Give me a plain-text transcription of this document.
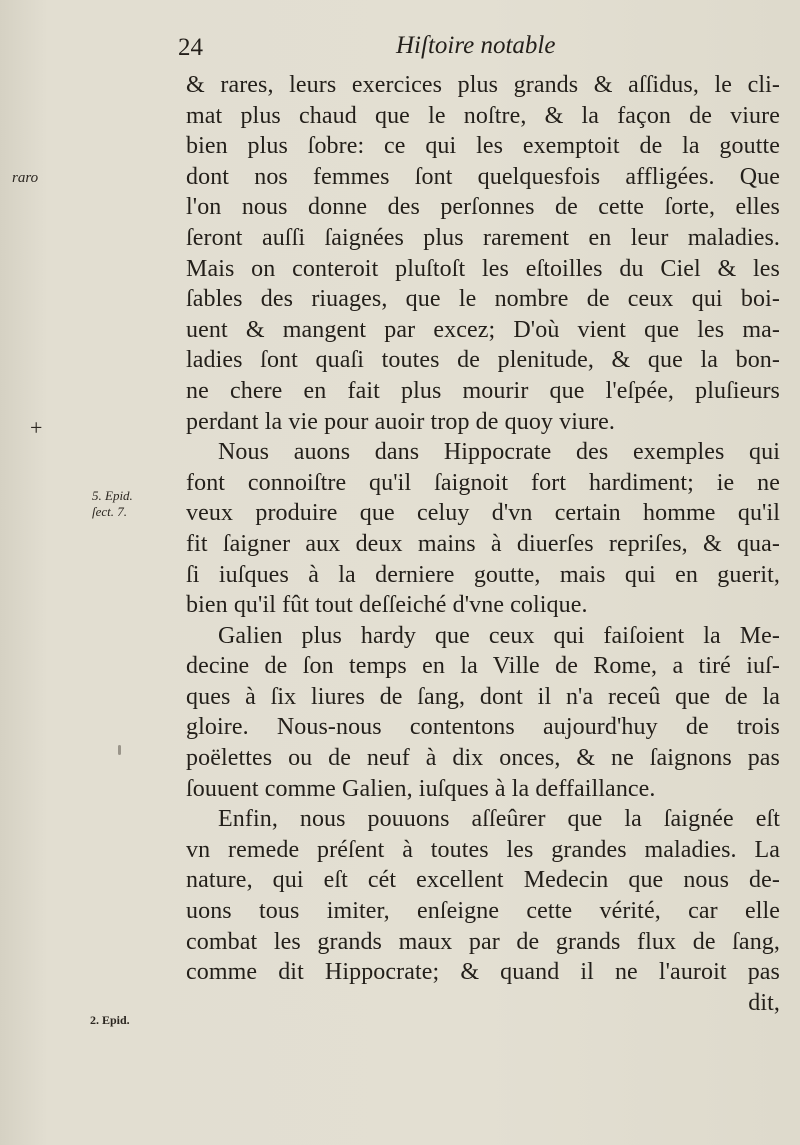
24	Hiſtoire notable
raro
+
5. Epid.
ſect. 7.
2. Epid.
& rares, leurs exercices plus grands & aſſidus, le cli-
mat plus chaud que le noſtre, & la façon de viure
bien plus ſobre: ce qui les exemptoit de la goutte
dont nos femmes ſont quelquesfois affligées. Que
l'on nous donne des perſonnes de cette ſorte, elles
ſeront auſſi ſaignées plus rarement en leur maladies.
Mais on conteroit pluſtoſt les eſtoilles du Ciel & les
ſables des riuages, que le nombre de ceux qui boi-
uent & mangent par excez; D'où vient que les ma-
ladies ſont quaſi toutes de plenitude, & que la bon-
ne chere en fait plus mourir que l'eſpée, pluſieurs
perdant la vie pour auoir trop de quoy viure.
Nous auons dans Hippocrate des exemples qui
font connoiſtre qu'il ſaignoit fort hardiment; ie ne
veux produire que celuy d'vn certain homme qu'il
fit ſaigner aux deux mains à diuerſes repriſes, & qua-
ſi iuſques à la derniere goutte, mais qui en guerit,
bien qu'il fût tout deſſeiché d'vne colique.
Galien plus hardy que ceux qui faiſoient la Me-
decine de ſon temps en la Ville de Rome, a tiré iuſ-
ques à ſix liures de ſang, dont il n'a receû que de la
gloire. Nous-nous contentons aujourd'huy de trois
poëlettes ou de neuf à dix onces, & ne ſaignons pas
ſouuent comme Galien, iuſques à la deffaillance.
Enfin, nous pouuons aſſeûrer que la ſaignée eſt
vn remede préſent à toutes les grandes maladies. La
nature, qui eſt cét excellent Medecin que nous de-
uons tous imiter, enſeigne cette vérité, car elle
combat les grands maux par de grands flux de ſang,
comme dit Hippocrate; & quand il ne l'auroit pas
dit,
